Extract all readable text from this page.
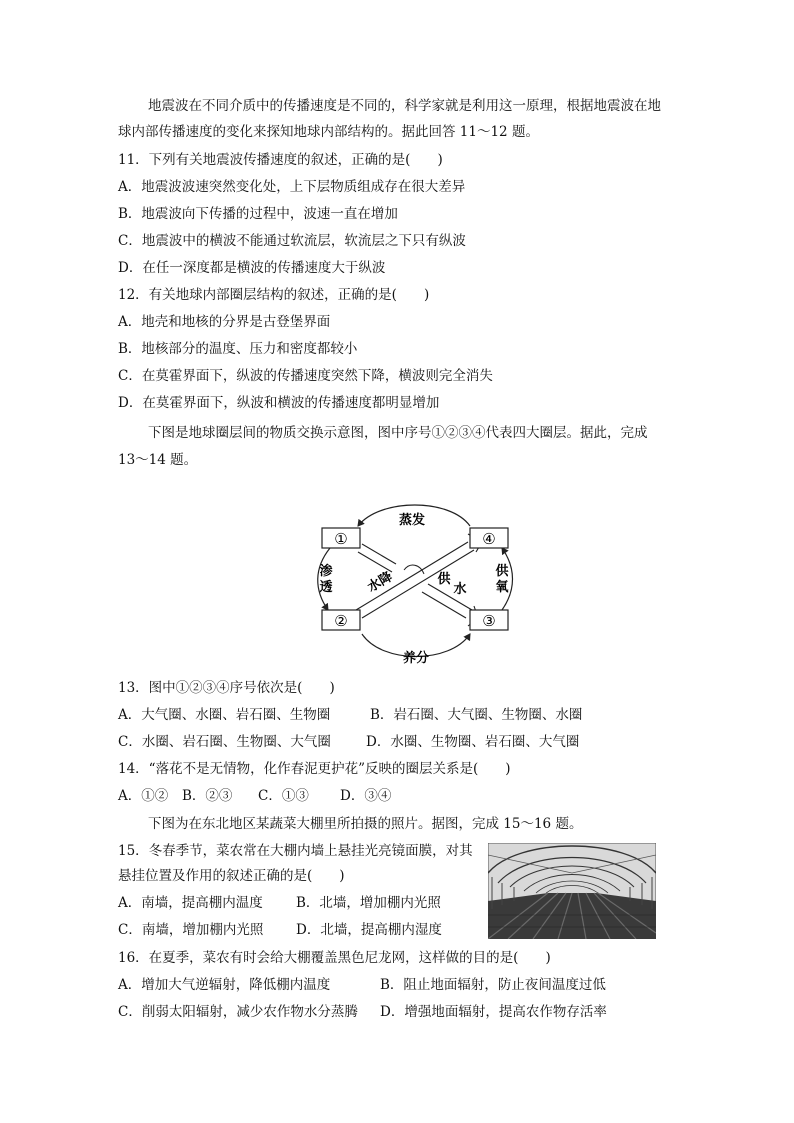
地震波在不同介质中的传播速度是不同的，科学家就是利用这一原理，根据地震波在地
球内部传播速度的变化来探知地球内部结构的。据此回答 11～12 题。
11．下列有关地震波传播速度的叙述，正确的是(　　)
A．地震波波速突然变化处，上下层物质组成存在很大差异
B．地震波向下传播的过程中，波速一直在增加
C．地震波中的横波不能通过软流层，软流层之下只有纵波
D．在任一深度都是横波的传播速度大于纵波
12．有关地球内部圈层结构的叙述，正确的是(　　)
A．地壳和地核的分界是古登堡界面
B．地核部分的温度、压力和密度都较小
C．在莫霍界面下，纵波的传播速度突然下降，横波则完全消失
D．在莫霍界面下，纵波和横波的传播速度都明显增加
下图是地球圈层间的物质交换示意图，图中序号①②③④代表四大圈层。据此，完成
13～14 题。
①	④
②	③
蒸发
养分
渗
透
供
氧
水降	供
水
13．图中①②③④序号依次是(　　)
A．大气圈、水圈、岩石圈、生物圈	B．岩石圈、大气圈、生物圈、水圈
C．水圈、岩石圈、生物圈、大气圈	D．水圈、生物圈、岩石圈、大气圈
14．“落花不是无情物，化作春泥更护花”反映的圈层关系是(　　)
A．①② B．②③ C．①③ D．③④
下图为在东北地区某蔬菜大棚里所拍摄的照片。据图，完成 15～16 题。
15．冬春季节，菜农常在大棚内墙上悬挂光亮镜面膜，对其
悬挂位置及作用的叙述正确的是(　　)
A．南墙，提高棚内温度 B．北墙，增加棚内光照
C．南墙，增加棚内光照 D．北墙，提高棚内湿度
16．在夏季，菜农有时会给大棚覆盖黑色尼龙网，这样做的目的是(　　)
A．增加大气逆辐射，降低棚内温度	B．阻止地面辐射，防止夜间温度过低
C．削弱太阳辐射，减少农作物水分蒸腾 D．增强地面辐射，提高农作物存活率
